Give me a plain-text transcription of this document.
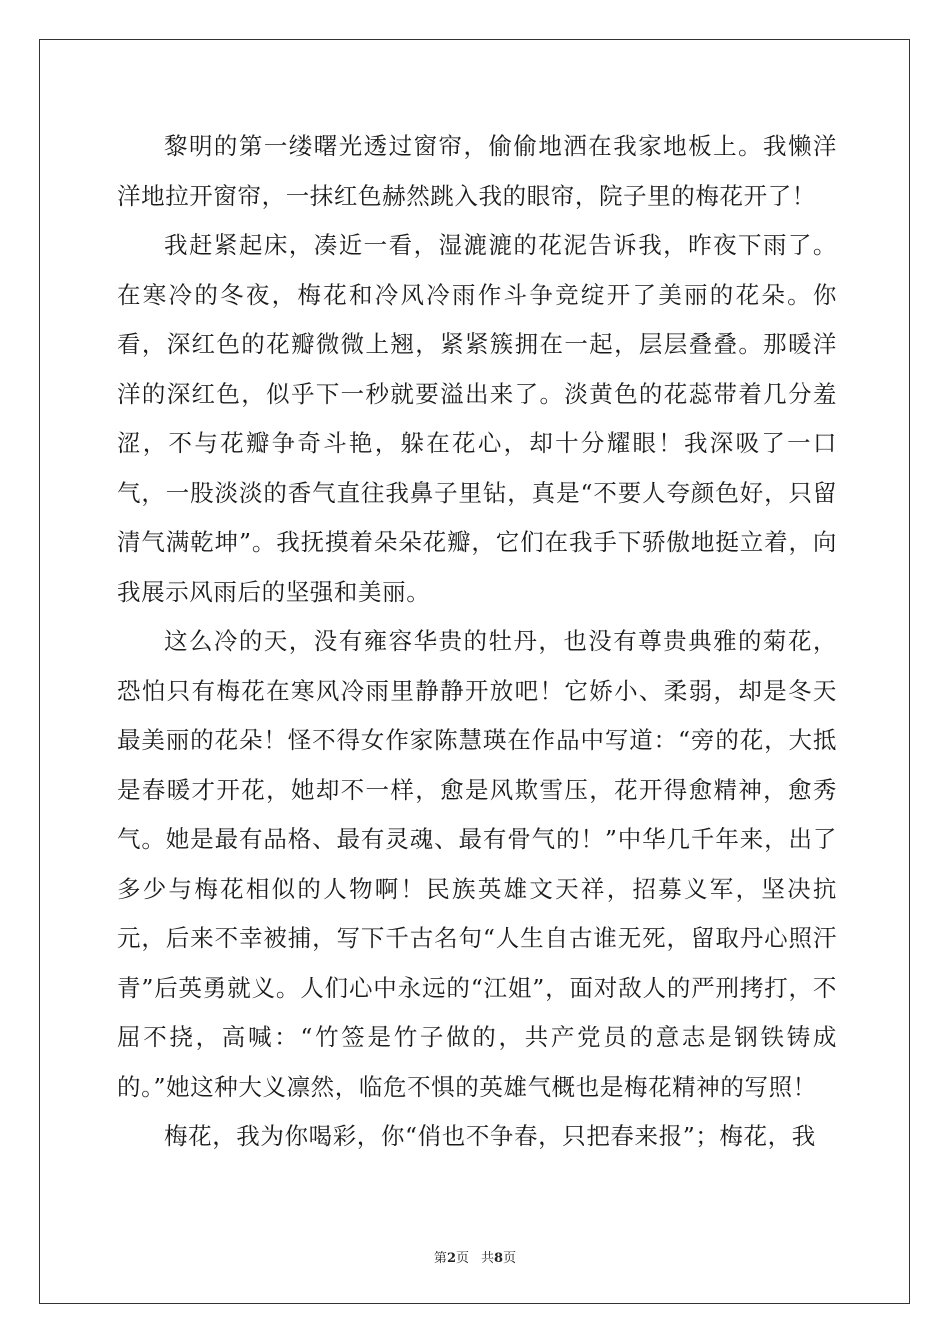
黎明的第一缕曙光透过窗帘，偷偷地洒在我家地板上。我懒洋洋地拉开窗帘，一抹红色赫然跳入我的眼帘，院子里的梅花开了！

我赶紧起床，凑近一看，湿漉漉的花泥告诉我，昨夜下雨了。在寒冷的冬夜，梅花和冷风冷雨作斗争竞绽开了美丽的花朵。你看，深红色的花瓣微微上翘，紧紧簇拥在一起，层层叠叠。那暖洋洋的深红色，似乎下一秒就要溢出来了。淡黄色的花蕊带着几分羞涩，不与花瓣争奇斗艳，躲在花心，却十分耀眼！我深吸了一口气，一股淡淡的香气直往我鼻子里钻，真是“不要人夸颜色好，只留清气满乾坤”。我抚摸着朵朵花瓣，它们在我手下骄傲地挺立着，向我展示风雨后的坚强和美丽。

这么冷的天，没有雍容华贵的牡丹，也没有尊贵典雅的菊花，恐怕只有梅花在寒风冷雨里静静开放吧！它娇小、柔弱，却是冬天最美丽的花朵！怪不得女作家陈慧瑛在作品中写道：“旁的花，大抵是春暖才开花，她却不一样，愈是风欺雪压，花开得愈精神，愈秀气。她是最有品格、最有灵魂、最有骨气的！”中华几千年来，出了多少与梅花相似的人物啊！民族英雄文天祥，招募义军，坚决抗元，后来不幸被捕，写下千古名句“人生自古谁无死，留取丹心照汗青”后英勇就义。人们心中永远的“江姐”，面对敌人的严刑拷打，不屈不挠，高喊：“竹签是竹子做的，共产党员的意志是钢铁铸成的。”她这种大义凛然，临危不惧的英雄气概也是梅花精神的写照！

梅花，我为你喝彩，你“俏也不争春，只把春来报”；梅花，我

第2页 共8页
